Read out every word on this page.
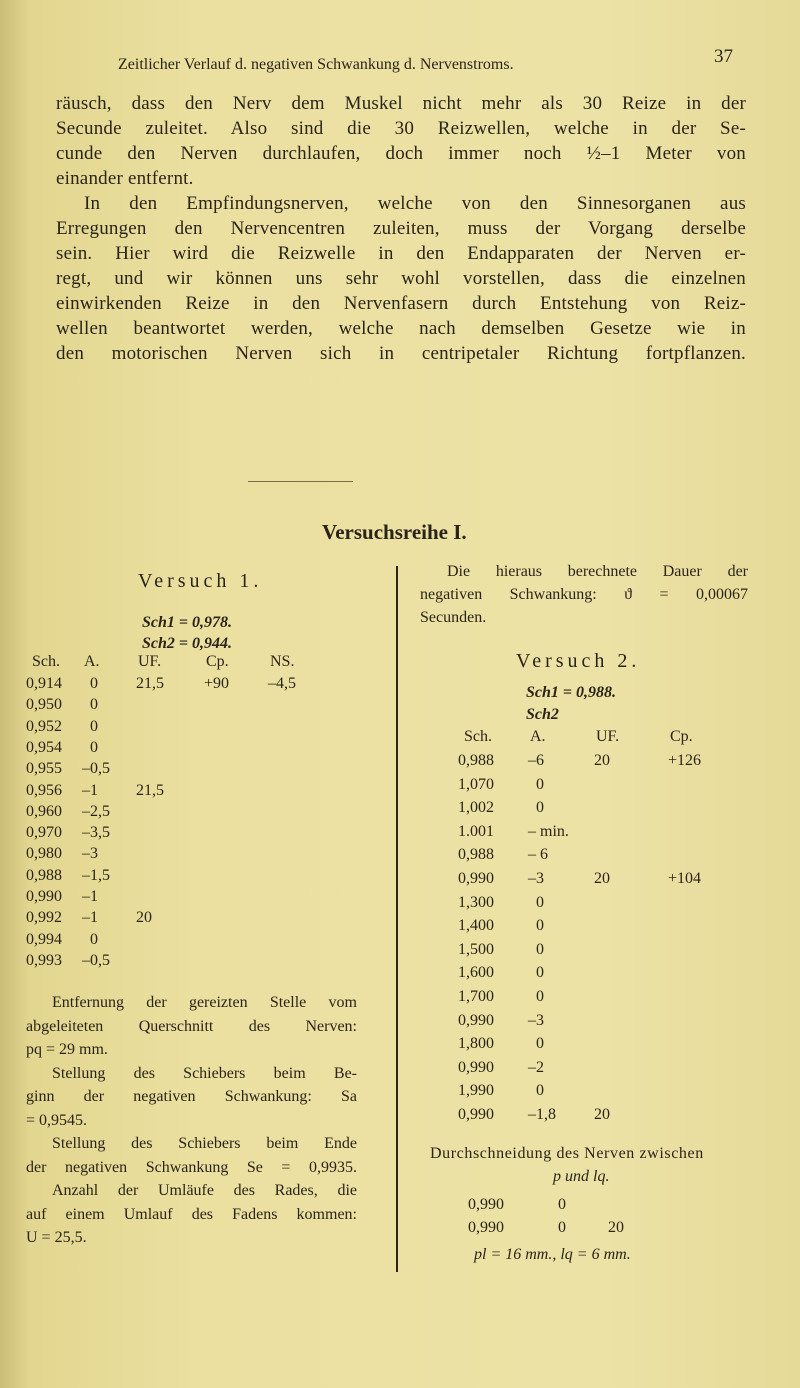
Zeitlicher Verlauf d. negativen Schwankung d. Nervenstroms.	37
räusch, dass den Nerv dem Muskel nicht mehr als 30 Reize in der
Secunde zuleitet. Also sind die 30 Reizwellen, welche in der Se-
cunde den Nerven durchlaufen, doch immer noch ½–1 Meter von
einander entfernt.
In den Empfindungsnerven, welche von den Sinnesorganen aus
Erregungen den Nervencentren zuleiten, muss der Vorgang derselbe
sein. Hier wird die Reizwelle in den Endapparaten der Nerven er-
regt, und wir können uns sehr wohl vorstellen, dass die einzelnen
einwirkenden Reize in den Nervenfasern durch Entstehung von Reiz-
wellen beantwortet werden, welche nach demselben Gesetze wie in
den motorischen Nerven sich in centripetaler Richtung fortpflanzen.
Versuchsreihe I.
Versuch 1.
Sch1 = 0,978.
Sch2 = 0,944.
Sch. A. UF.	Cp.	NS.
0,914 0 21,5	+90 –4,5
0,950 0
0,952 0
0,954 0
0,955 –0,5
0,956 –1 21,5
0,960 –2,5
0,970 –3,5
0,980 –3
0,988 –1,5
0,990 –1
0,992 –1 20
0,994 0
0,993 –0,5
Entfernung der gereizten Stelle vom
abgeleiteten Querschnitt des Nerven:
pq = 29 mm.
Stellung des Schiebers beim Be-
ginn der negativen Schwankung: Sa
= 0,9545.
Stellung des Schiebers beim Ende
der negativen Schwankung Se = 0,9935.
Anzahl der Umläufe des Rades, die
auf einem Umlauf des Fadens kommen:
U = 25,5.
Die hieraus berechnete Dauer der
negativen Schwankung: ϑ = 0,00067
Secunden.
Versuch 2.
Sch1 = 0,988.
Sch2
Sch. A.	UF.	Cp.
0,988 –6	20	+126
1,070	0
1,002	0
1.001 – min.
0,988 – 6
0,990 –3	20	+104
1,300	0
1,400	0
1,500	0
1,600	0
1,700	0
0,990 –3
1,800	0
0,990 –2
1,990	0
0,990 –1,8 20
Durchschneidung des Nerven zwischen
p und lq.
0,990	0
0,990	0	20
pl = 16 mm., lq = 6 mm.
